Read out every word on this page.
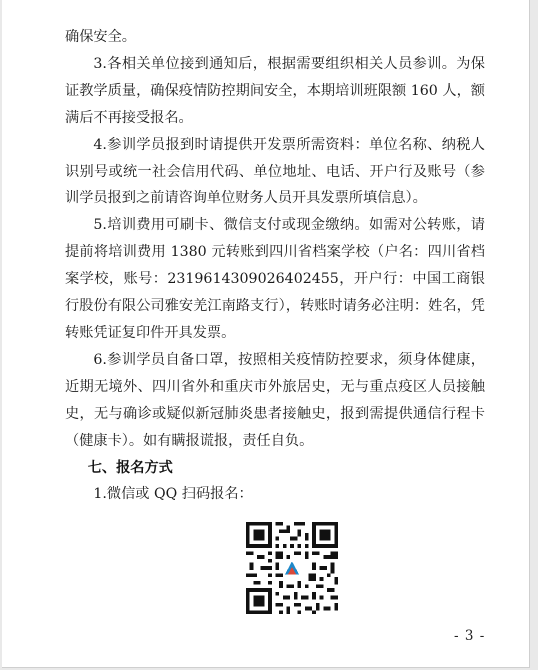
确保安全。

3.各相关单位接到通知后，根据需要组织相关人员参训。为保证教学质量，确保疫情防控期间安全，本期培训班限额 160 人，额满后不再接受报名。

4.参训学员报到时请提供开发票所需资料：单位名称、纳税人识别号或统一社会信用代码、单位地址、电话、开户行及账号（参训学员报到之前请咨询单位财务人员开具发票所填信息）。

5.培训费用可刷卡、微信支付或现金缴纳。如需对公转账，请提前将培训费用 1380 元转账到四川省档案学校（户名：四川省档案学校，账号：2319614309026402455，开户行：中国工商银行股份有限公司雅安羌江南路支行），转账时请务必注明：姓名，凭转账凭证复印件开具发票。

6.参训学员自备口罩，按照相关疫情防控要求，须身体健康，近期无境外、四川省外和重庆市外旅居史，无与重点疫区人员接触史，无与确诊或疑似新冠肺炎患者接触史，报到需提供通信行程卡（健康卡）。如有瞒报谎报，责任自负。

七、报名方式

1.微信或 QQ 扫码报名：

- 3 -
